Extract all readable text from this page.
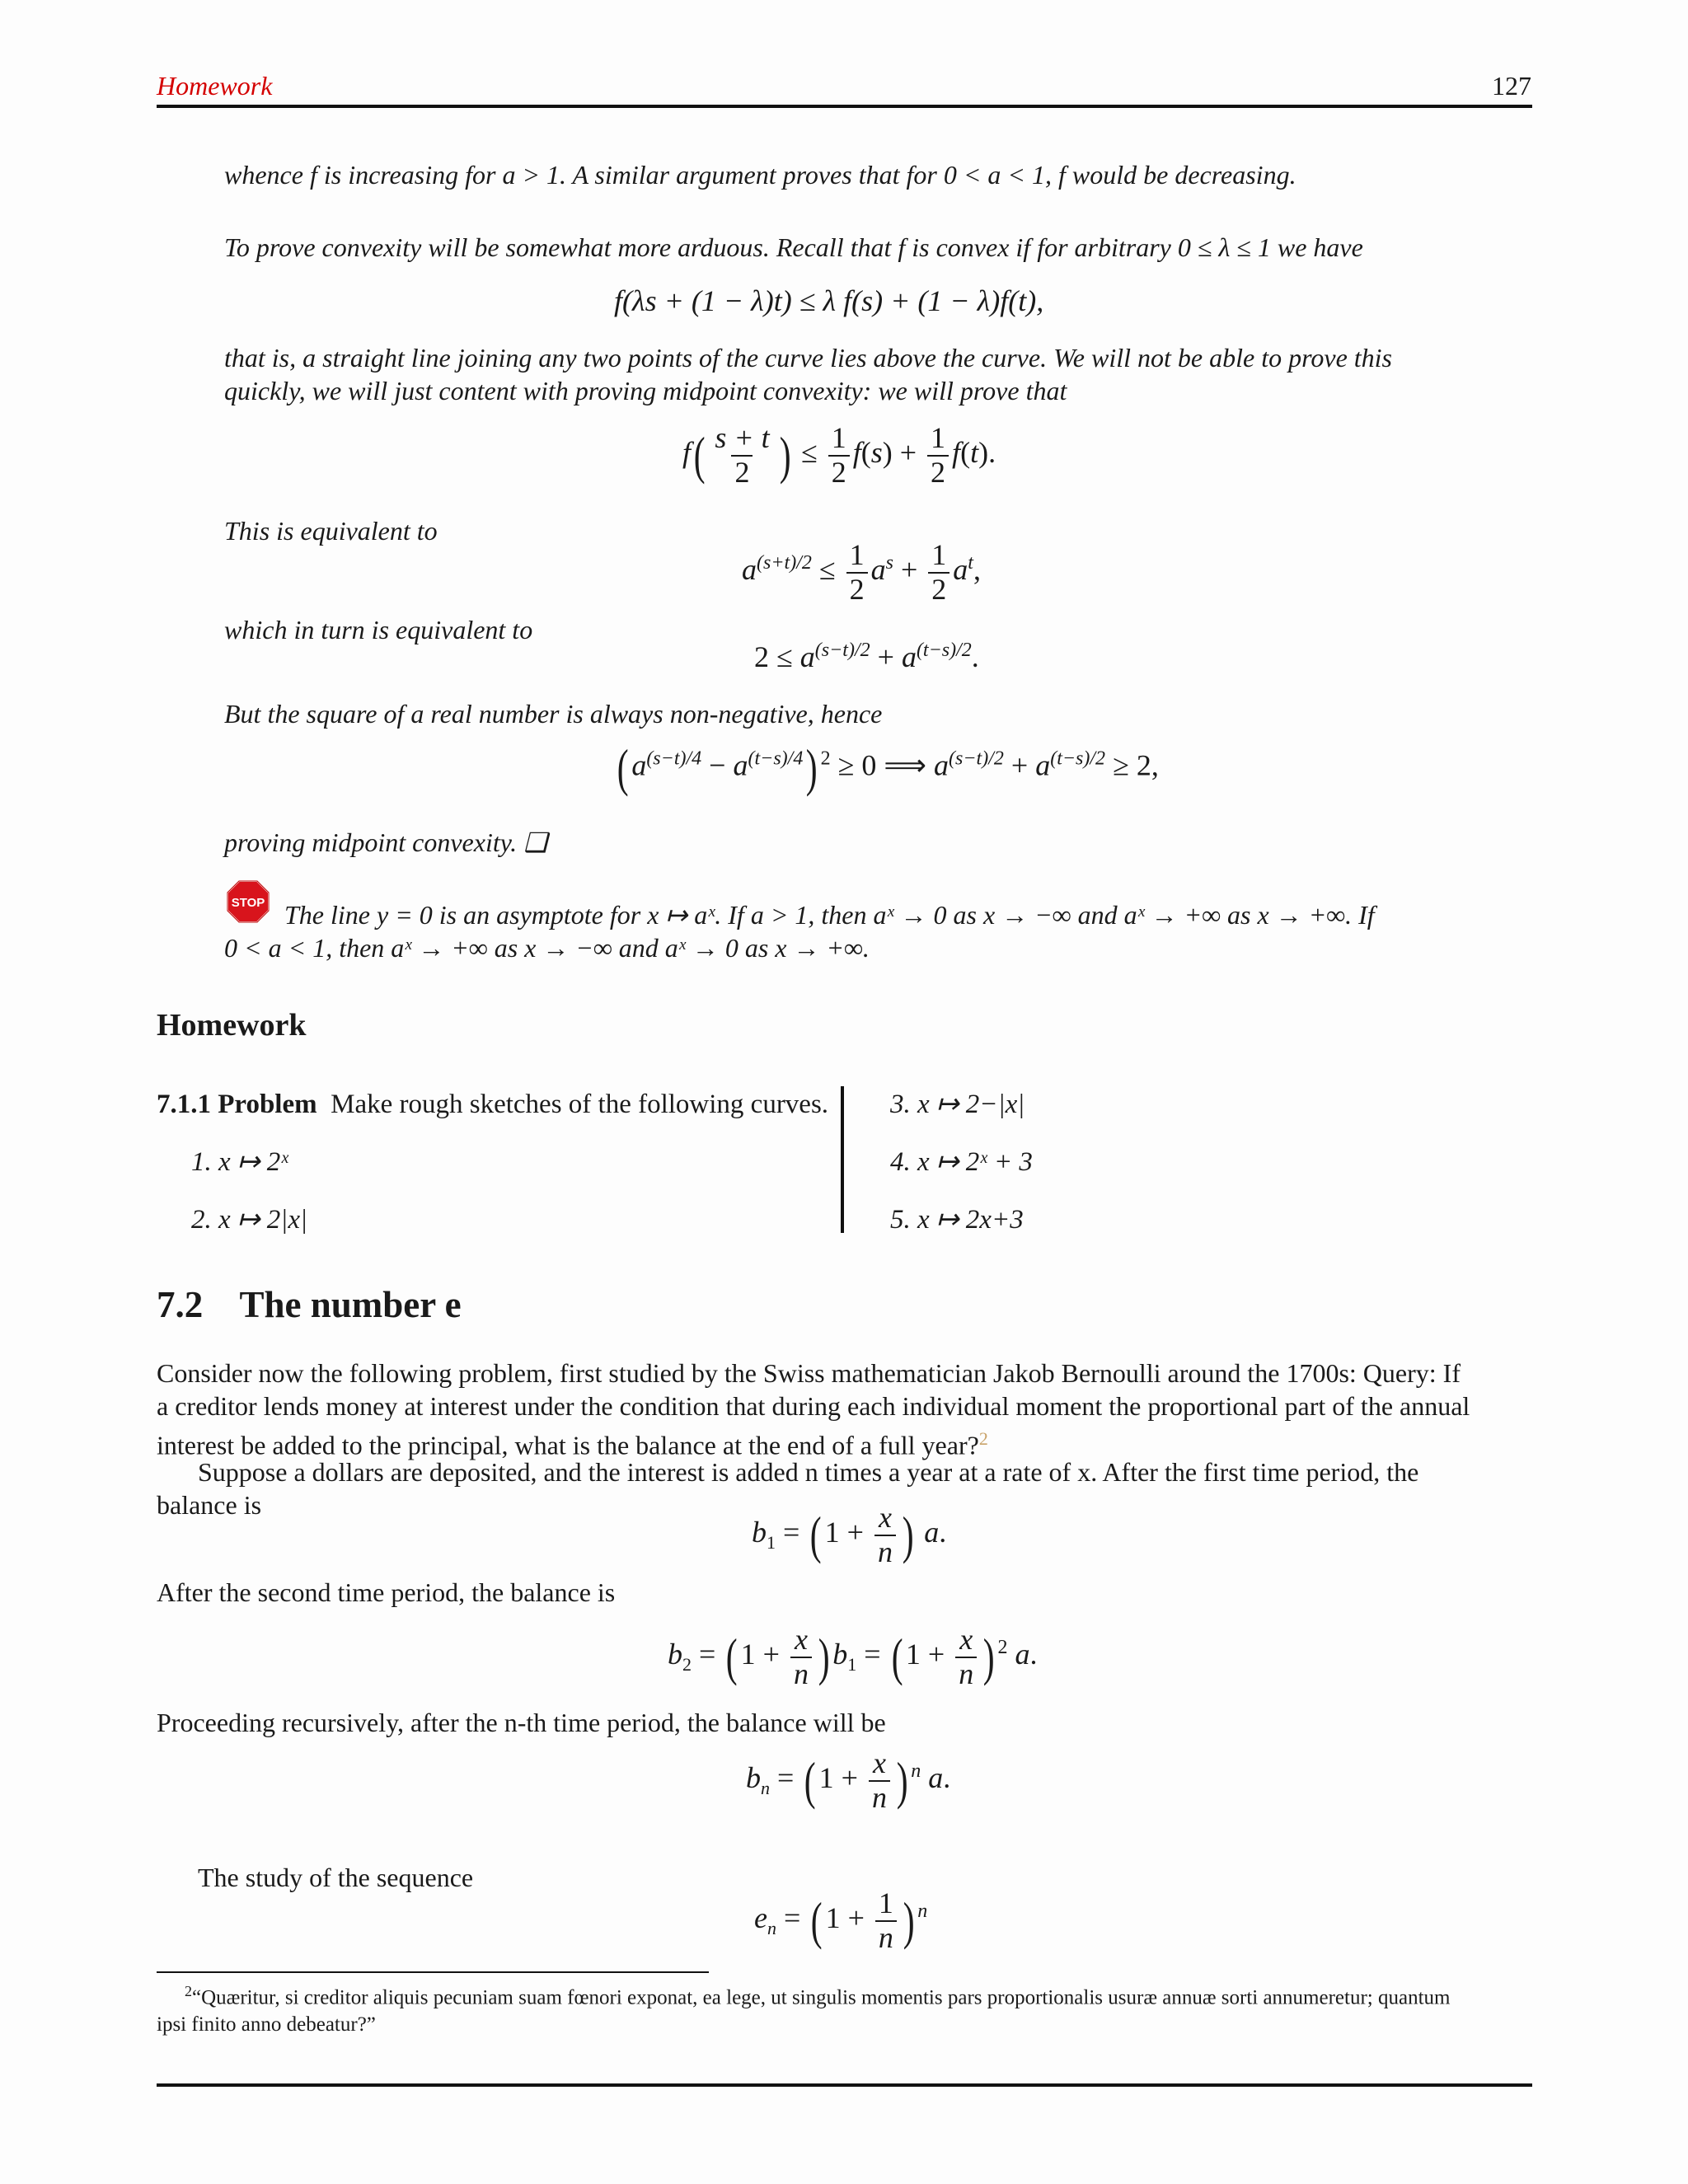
Homework	127
whence f is increasing for a > 1. A similar argument proves that for 0 < a < 1, f would be decreasing.
To prove convexity will be somewhat more arduous. Recall that f is convex if for arbitrary 0 ≤ λ ≤ 1 we have
f(λs + (1 − λ)t) ≤ λ f(s) + (1 − λ)f(t),
that is, a straight line joining any two points of the curve lies above the curve. We will not be able to prove this
quickly, we will just content with proving midpoint convexity: we will prove that
$f( \frac{s + t}{2}$ ) ≤ $\frac{1}{2} f(s) + \frac{1}{2} f(t)$.
This is equivalent to
$a^{(s+t)/2} \le \frac{1}{2} a^s + \frac{1}{2} a^t$,
which in turn is equivalent to
$2 \le a^{(s-t)/2} + a^{(t-s)/2}$.
But the square of a real number is always non-negative, hence
( $a^{(s-t)/4} - a^{(t-s)/4}$) $^2$ ≥ 0 ⟹ $a^{(s-t)/2} + a^{(t-s)/2} \ge 2$,
proving midpoint convexity. ❑
STOP The line y = 0 is an asymptote for x ↦ aˣ. If a > 1, then aˣ → 0 as x → −∞ and aˣ → +∞ as x → +∞. If
0 < a < 1, then aˣ → +∞ as x → −∞ and aˣ → 0 as x → +∞.
Homework
7.1.1 Problem Make rough sketches of the following curves.
1. x ↦ 2ˣ
2. x ↦ 2|x|
3. x ↦ 2−|x|
4. x ↦ 2ˣ + 3
5. x ↦ 2x+3
7.2 The number e
Consider now the following problem, first studied by the Swiss mathematician Jakob Bernoulli around the 1700s: Query: If
a creditor lends money at interest under the condition that during each individual moment the proportional part of the annual
interest be added to the principal, what is the balance at the end of a full year?$^2$
Suppose a dollars are deposited, and the interest is added n times a year at a rate of x. After the first time period, the
balance is
$b_1$ = ( $1 + \frac{x}{n}$ ) a.
After the second time period, the balance is
$b_2$ = ( $1 + \frac{x}{n}$ ) $b_1$ = ( $1 + \frac{x}{n}$ ) $^2$ a.
Proceeding recursively, after the n-th time period, the balance will be
$b_n$ = ( $1 + \frac{x}{n}$ ) $^n$ a.
The study of the sequence
$e_n$ = ( $1 + \frac{1}{n}$ ) $^n$
$^2$“Quæritur, si creditor aliquis pecuniam suam fœnori exponat, ea lege, ut singulis momentis pars proportionalis usuræ annuæ sorti annumeretur; quantum
ipsi finito anno debeatur?”
